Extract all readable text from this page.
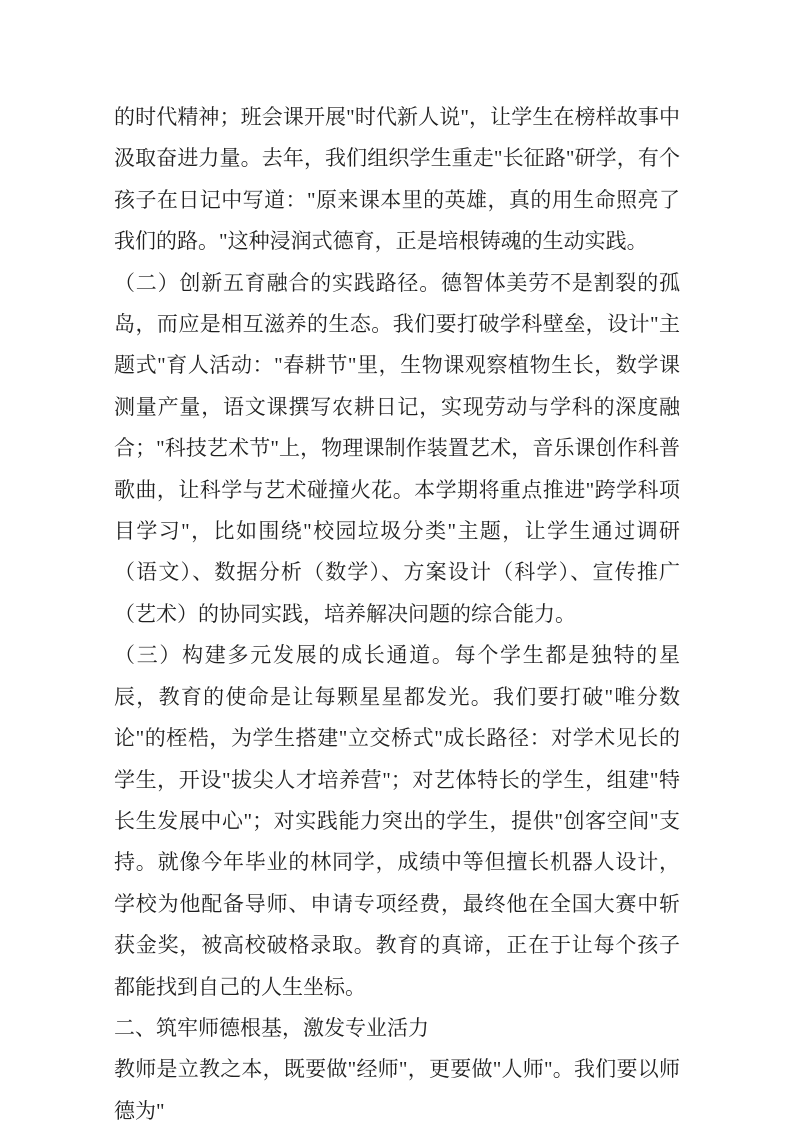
的时代精神；班会课开展"时代新人说"，让学生在榜样故事中汲取奋进力量。去年，我们组织学生重走"长征路"研学，有个孩子在日记中写道："原来课本里的英雄，真的用生命照亮了我们的路。"这种浸润式德育，正是培根铸魂的生动实践。

（二）创新五育融合的实践路径。德智体美劳不是割裂的孤岛，而应是相互滋养的生态。我们要打破学科壁垒，设计"主题式"育人活动："春耕节"里，生物课观察植物生长，数学课测量产量，语文课撰写农耕日记，实现劳动与学科的深度融合；"科技艺术节"上，物理课制作装置艺术，音乐课创作科普歌曲，让科学与艺术碰撞火花。本学期将重点推进"跨学科项目学习"，比如围绕"校园垃圾分类"主题，让学生通过调研（语文）、数据分析（数学）、方案设计（科学）、宣传推广（艺术）的协同实践，培养解决问题的综合能力。

（三）构建多元发展的成长通道。每个学生都是独特的星辰，教育的使命是让每颗星星都发光。我们要打破"唯分数论"的桎梏，为学生搭建"立交桥式"成长路径：对学术见长的学生，开设"拔尖人才培养营"；对艺体特长的学生，组建"特长生发展中心"；对实践能力突出的学生，提供"创客空间"支持。就像今年毕业的林同学，成绩中等但擅长机器人设计，学校为他配备导师、申请专项经费，最终他在全国大赛中斩获金奖，被高校破格录取。教育的真谛，正在于让每个孩子都能找到自己的人生坐标。

二、筑牢师德根基，激发专业活力

教师是立教之本，既要做"经师"，更要做"人师"。我们要以师德为"
